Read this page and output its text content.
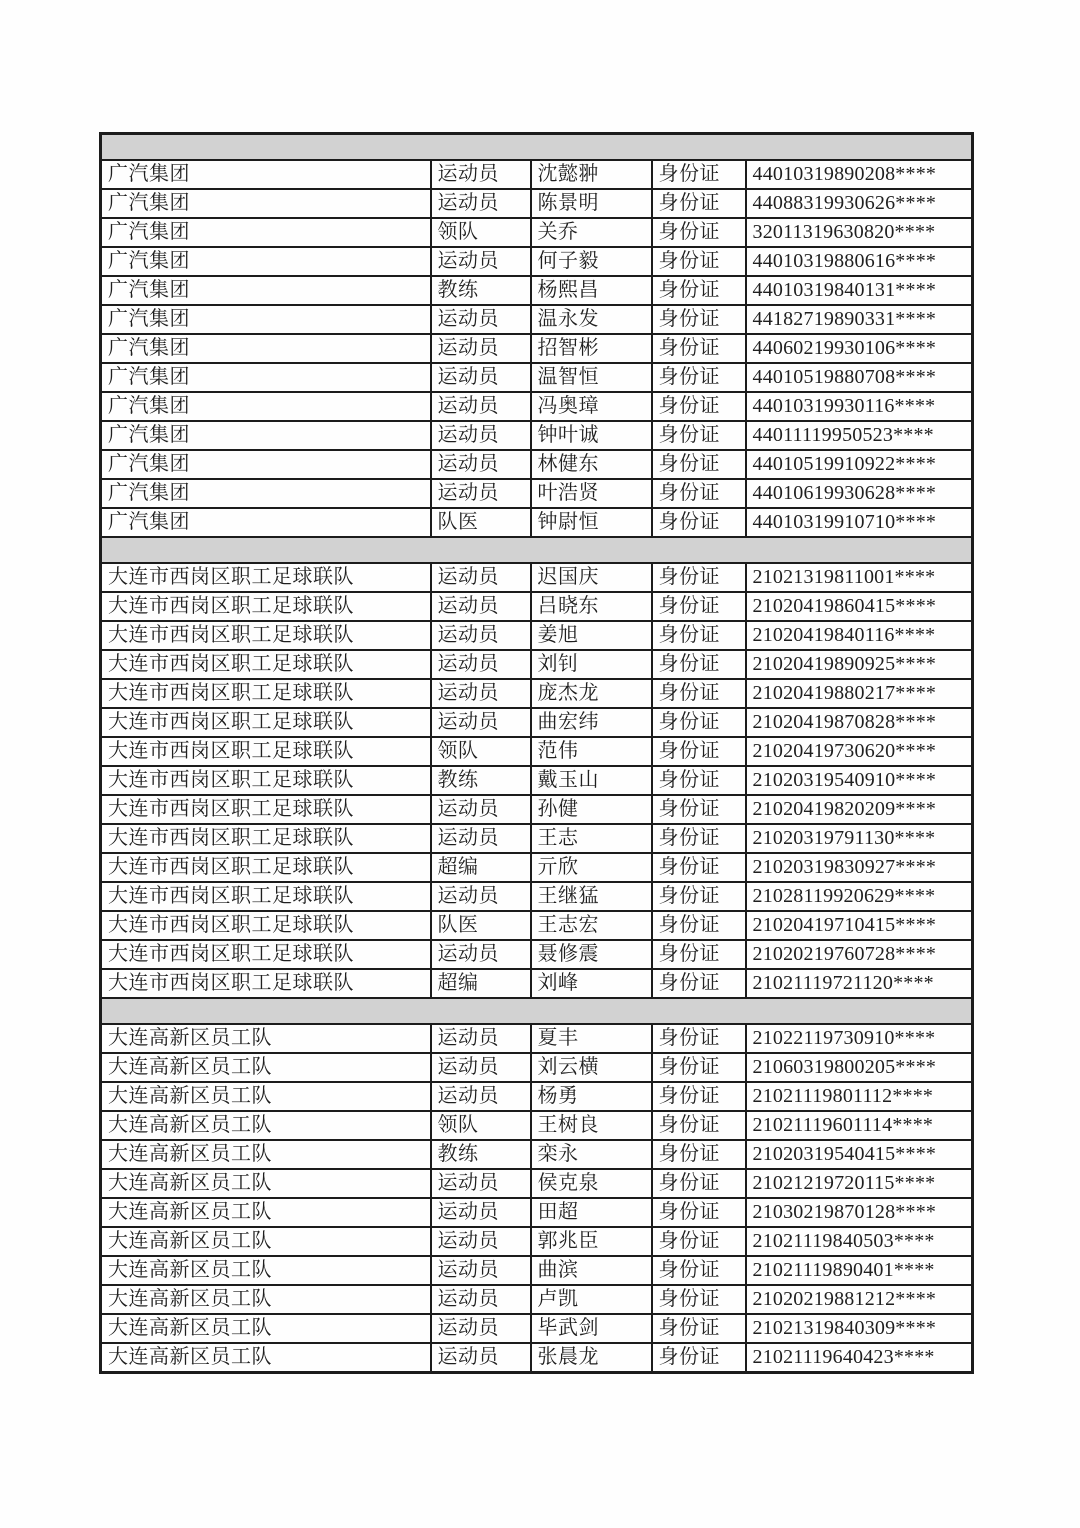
广汽集团	运动员	沈懿翀	身份证	44010319890208****
广汽集团	运动员	陈景明	身份证	44088319930626****
广汽集团	领队	关乔	身份证	32011319630820****
广汽集团	运动员	何子毅	身份证	44010319880616****
广汽集团	教练	杨熙昌	身份证	44010319840131****
广汽集团	运动员	温永发	身份证	44182719890331****
广汽集团	运动员	招智彬	身份证	44060219930106****
广汽集团	运动员	温智恒	身份证	44010519880708****
广汽集团	运动员	冯奥璋	身份证	44010319930116****
广汽集团	运动员	钟叶诚	身份证	44011119950523****
广汽集团	运动员	林健东	身份证	44010519910922****
广汽集团	运动员	叶浩贤	身份证	44010619930628****
广汽集团	队医	钟尉恒	身份证	44010319910710****

大连市西岗区职工足球联队	运动员	迟国庆	身份证	21021319811001****
大连市西岗区职工足球联队	运动员	吕晓东	身份证	21020419860415****
大连市西岗区职工足球联队	运动员	姜旭	身份证	21020419840116****
大连市西岗区职工足球联队	运动员	刘钊	身份证	21020419890925****
大连市西岗区职工足球联队	运动员	庞杰龙	身份证	21020419880217****
大连市西岗区职工足球联队	运动员	曲宏纬	身份证	21020419870828****
大连市西岗区职工足球联队	领队	范伟	身份证	21020419730620****
大连市西岗区职工足球联队	教练	戴玉山	身份证	21020319540910****
大连市西岗区职工足球联队	运动员	孙健	身份证	21020419820209****
大连市西岗区职工足球联队	运动员	王志	身份证	21020319791130****
大连市西岗区职工足球联队	超编	亓欣	身份证	21020319830927****
大连市西岗区职工足球联队	运动员	王继猛	身份证	21028119920629****
大连市西岗区职工足球联队	队医	王志宏	身份证	21020419710415****
大连市西岗区职工足球联队	运动员	聂修震	身份证	21020219760728****
大连市西岗区职工足球联队	超编	刘峰	身份证	21021119721120****

大连高新区员工队	运动员	夏丰	身份证	21022119730910****
大连高新区员工队	运动员	刘云横	身份证	21060319800205****
大连高新区员工队	运动员	杨勇	身份证	21021119801112****
大连高新区员工队	领队	王树良	身份证	21021119601114****
大连高新区员工队	教练	栾永	身份证	21020319540415****
大连高新区员工队	运动员	侯克泉	身份证	21021219720115****
大连高新区员工队	运动员	田超	身份证	21030219870128****
大连高新区员工队	运动员	郭兆臣	身份证	21021119840503****
大连高新区员工队	运动员	曲滨	身份证	21021119890401****
大连高新区员工队	运动员	卢凯	身份证	21020219881212****
大连高新区员工队	运动员	毕武剑	身份证	21021319840309****
大连高新区员工队	运动员	张晨龙	身份证	21021119640423****
